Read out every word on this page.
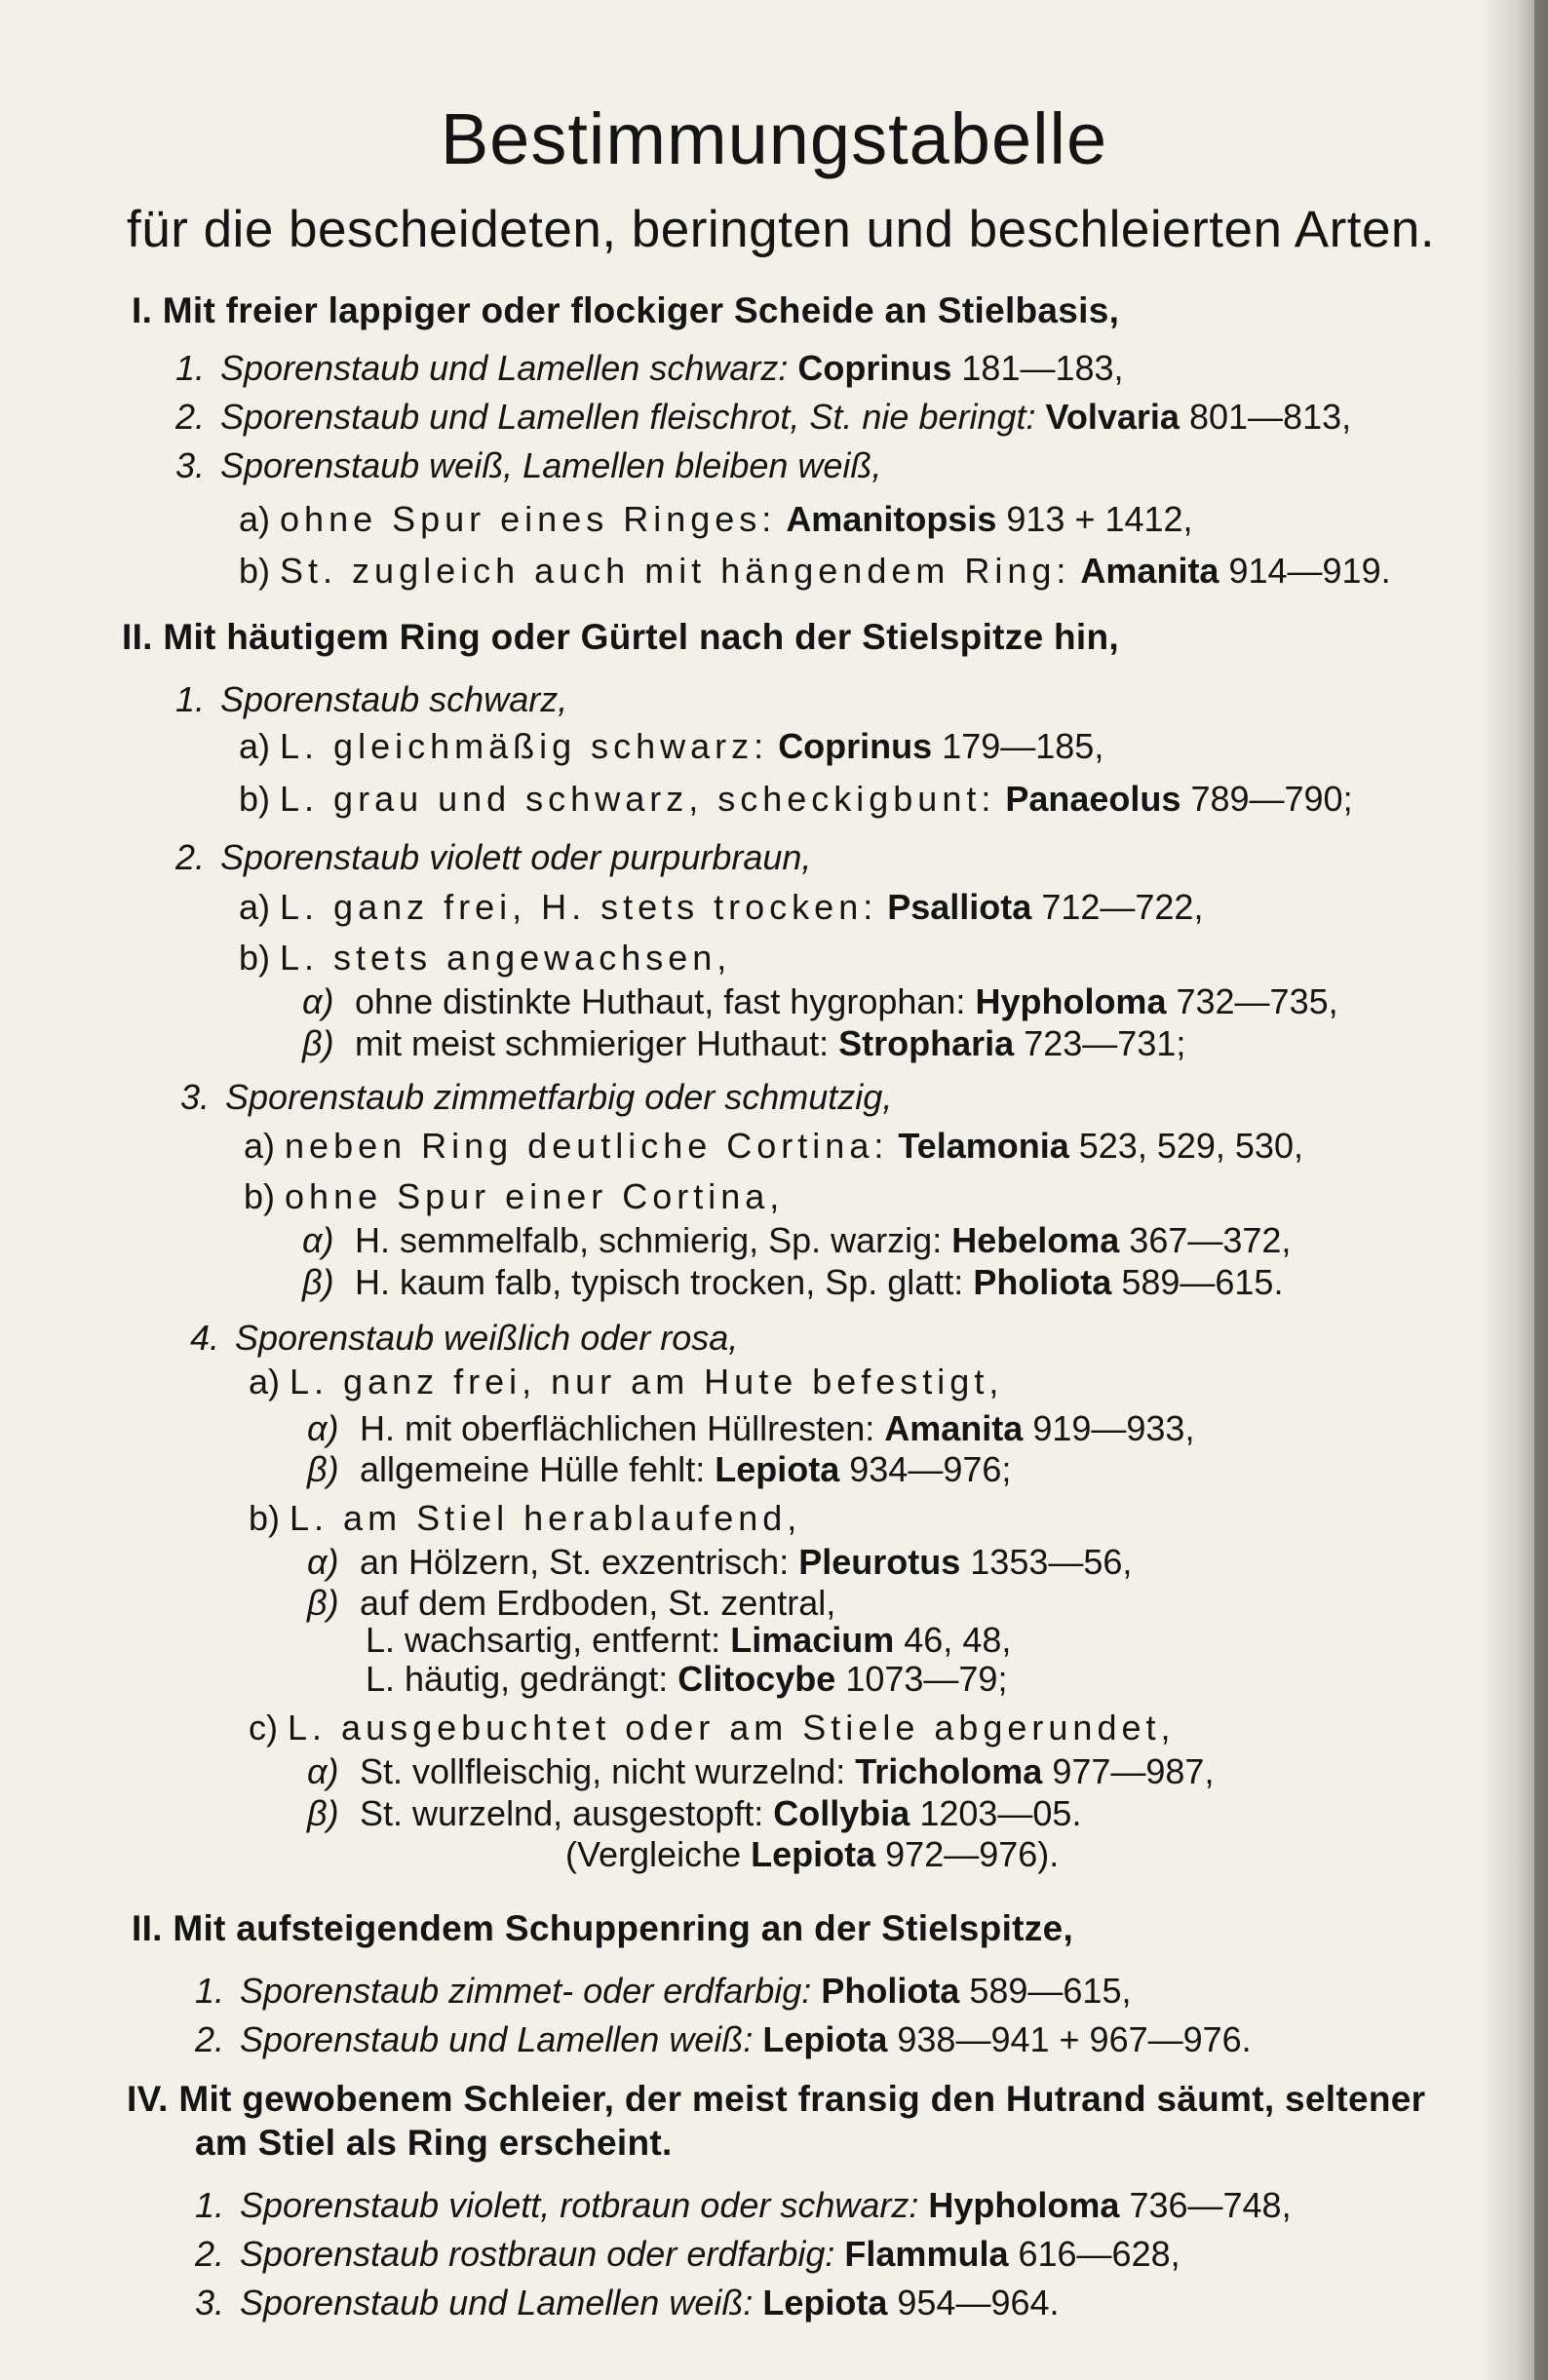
Bestimmungstabelle
für die bescheideten, beringten und beschleierten Arten.
I. Mit freier lappiger oder flockiger Scheide an Stielbasis,
1. Sporenstaub und Lamellen schwarz: Coprinus 181—183,
2. Sporenstaub und Lamellen fleischrot, St. nie beringt: Volvaria 801—813,
3. Sporenstaub weiß, Lamellen bleiben weiß,
a) ohne Spur eines Ringes: Amanitopsis 913 + 1412,
b) St. zugleich auch mit hängendem Ring: Amanita 914—919.
II. Mit häutigem Ring oder Gürtel nach der Stielspitze hin,
1. Sporenstaub schwarz,
a) L. gleichmäßig schwarz: Coprinus 179—185,
b) L. grau und schwarz, scheckigbunt: Panaeolus 789—790;
2. Sporenstaub violett oder purpurbraun,
a) L. ganz frei, H. stets trocken: Psalliota 712—722,
b) L. stets angewachsen,
α) ohne distinkte Huthaut, fast hygrophan: Hypholoma 732—735,
β) mit meist schmieriger Huthaut: Stropharia 723—731;
3. Sporenstaub zimmetfarbig oder schmutzig,
a) neben Ring deutliche Cortina: Telamonia 523, 529, 530,
b) ohne Spur einer Cortina,
α) H. semmelfalb, schmierig, Sp. warzig: Hebeloma 367—372,
β) H. kaum falb, typisch trocken, Sp. glatt: Pholiota 589—615.
4. Sporenstaub weißlich oder rosa,
a) L. ganz frei, nur am Hute befestigt,
α) H. mit oberflächlichen Hüllresten: Amanita 919—933,
β) allgemeine Hülle fehlt: Lepiota 934—976;
b) L. am Stiel herablaufend,
α) an Hölzern, St. exzentrisch: Pleurotus 1353—56,
β) auf dem Erdboden, St. zentral,
L. wachsartig, entfernt: Limacium 46, 48,
L. häutig, gedrängt: Clitocybe 1073—79;
c) L. ausgebuchtet oder am Stiele abgerundet,
α) St. vollfleischig, nicht wurzelnd: Tricholoma 977—987,
β) St. wurzelnd, ausgestopft: Collybia 1203—05.
(Vergleiche Lepiota 972—976).
II. Mit aufsteigendem Schuppenring an der Stielspitze,
1. Sporenstaub zimmet- oder erdfarbig: Pholiota 589—615,
2. Sporenstaub und Lamellen weiß: Lepiota 938—941 + 967—976.
IV. Mit gewobenem Schleier, der meist fransig den Hutrand säumt, seltener
am Stiel als Ring erscheint.
1. Sporenstaub violett, rotbraun oder schwarz: Hypholoma 736—748,
2. Sporenstaub rostbraun oder erdfarbig: Flammula 616—628,
3. Sporenstaub und Lamellen weiß: Lepiota 954—964.
